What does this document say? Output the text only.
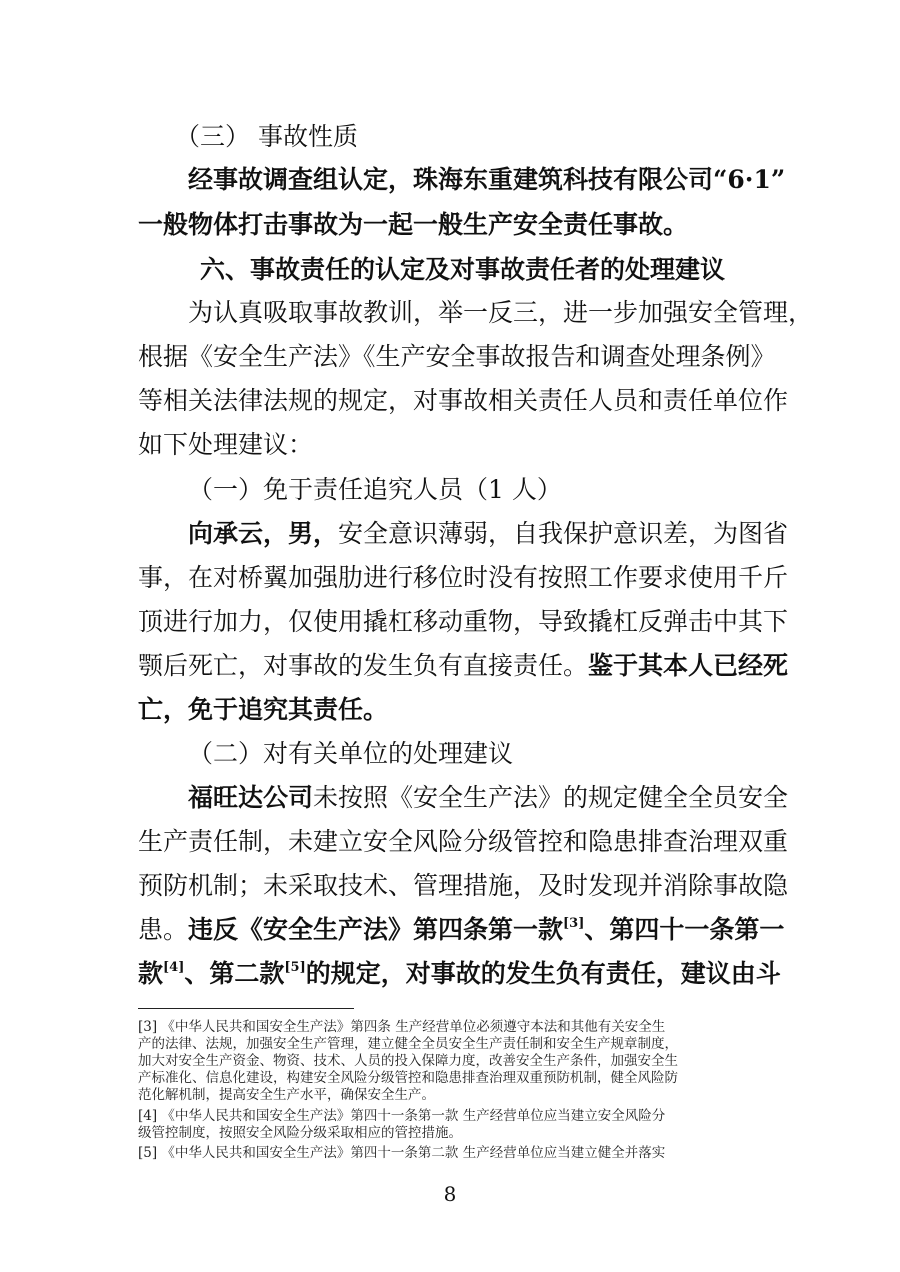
（三） 事故性质
经事故调查组认定，珠海东重建筑科技有限公司“6·1”
一般物体打击事故为一起一般生产安全责任事故。
六、事故责任的认定及对事故责任者的处理建议
为认真吸取事故教训，举一反三，进一步加强安全管理，
根据《安全生产法》《生产安全事故报告和调查处理条例》
等相关法律法规的规定，对事故相关责任人员和责任单位作
如下处理建议：
（一）免于责任追究人员（1 人）
向承云，男，安全意识薄弱，自我保护意识差，为图省
事，在对桥翼加强肋进行移位时没有按照工作要求使用千斤
顶进行加力，仅使用撬杠移动重物，导致撬杠反弹击中其下
颚后死亡，对事故的发生负有直接责任。鉴于其本人已经死
亡，免于追究其责任。
（二）对有关单位的处理建议
福旺达公司未按照《安全生产法》的规定健全全员安全
生产责任制，未建立安全风险分级管控和隐患排查治理双重
预防机制；未采取技术、管理措施，及时发现并消除事故隐
患。违反《安全生产法》第四条第一款[3]、第四十一条第一
款[4]、第二款[5]的规定，对事故的发生负有责任，建议由斗
[3] 《中华人民共和国安全生产法》第四条 生产经营单位必须遵守本法和其他有关安全生
产的法律、法规，加强安全生产管理，建立健全全员安全生产责任制和安全生产规章制度，
加大对安全生产资金、物资、技术、人员的投入保障力度，改善安全生产条件，加强安全生
产标准化、信息化建设，构建安全风险分级管控和隐患排查治理双重预防机制，健全风险防
范化解机制，提高安全生产水平，确保安全生产。
[4] 《中华人民共和国安全生产法》第四十一条第一款 生产经营单位应当建立安全风险分
级管控制度，按照安全风险分级采取相应的管控措施。
[5] 《中华人民共和国安全生产法》第四十一条第二款 生产经营单位应当建立健全并落实
8
